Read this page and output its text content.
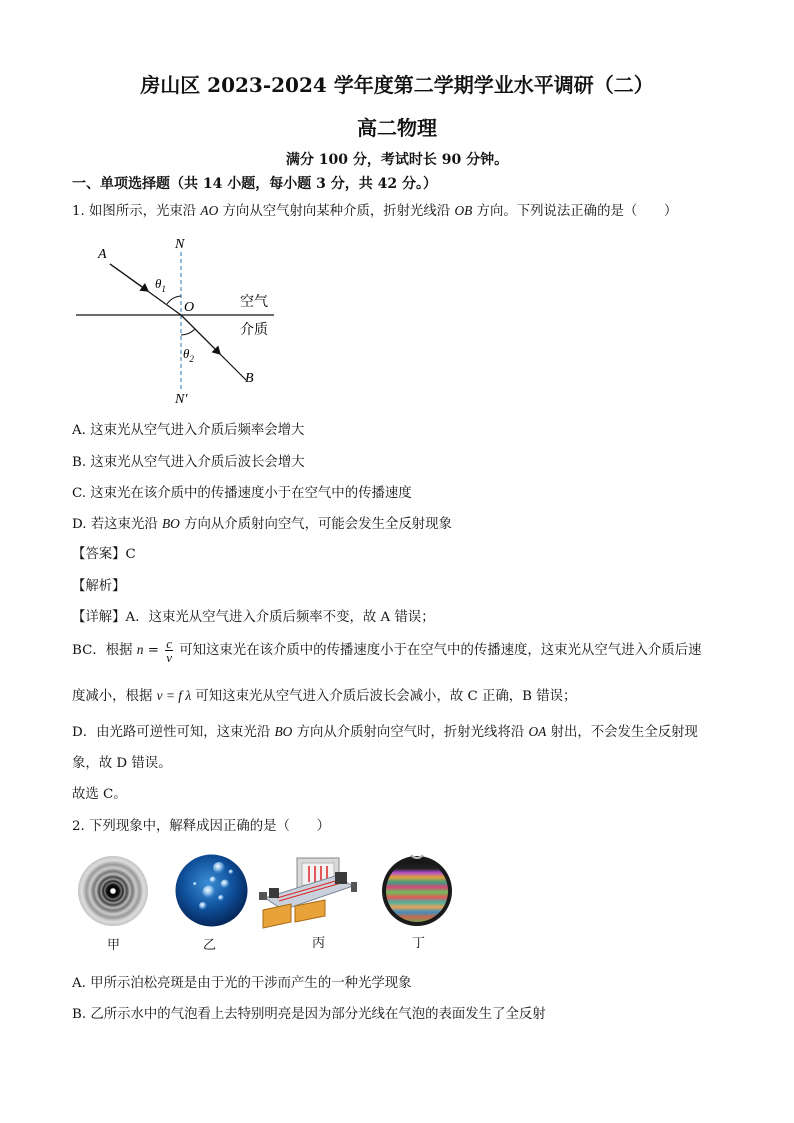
房山区 2023-2024 学年度第二学期学业水平调研（二）
高二物理
满分 100 分，考试时长 90 分钟。
一、单项选择题（共 14 小题，每小题 3 分，共 42 分。）
1. 如图所示，光束沿 AO 方向从空气射向某种介质，折射光线沿 OB 方向。下列说法正确的是（　　）
A
N
N′
O
B
$\theta_1$
$\theta_2$
空气
介质
A. 这束光从空气进入介质后频率会增大
B. 这束光从空气进入介质后波长会增大
C. 这束光在该介质中的传播速度小于在空气中的传播速度
D. 若这束光沿 BO 方向从介质射向空气，可能会发生全反射现象
【答案】C
【解析】
【详解】A．这束光从空气进入介质后频率不变，故 A 错误；
BC．根据 $n = \frac{c}{v}$ 可知这束光在该介质中的传播速度小于在空气中的传播速度，这束光从空气进入介质后速
度减小，根据 v = f λ 可知这束光从空气进入介质后波长会减小，故 C 正确，B 错误；
D．由光路可逆性可知，这束光沿 BO 方向从介质射向空气时，折射光线将沿 OA 射出，不会发生全反射现
象，故 D 错误。
故选 C。
2. 下列现象中，解释成因正确的是（　　）
甲	乙	丙	丁
A. 甲所示泊松亮斑是由于光的干涉而产生的一种光学现象
B. 乙所示水中的气泡看上去特别明亮是因为部分光线在气泡的表面发生了全反射
